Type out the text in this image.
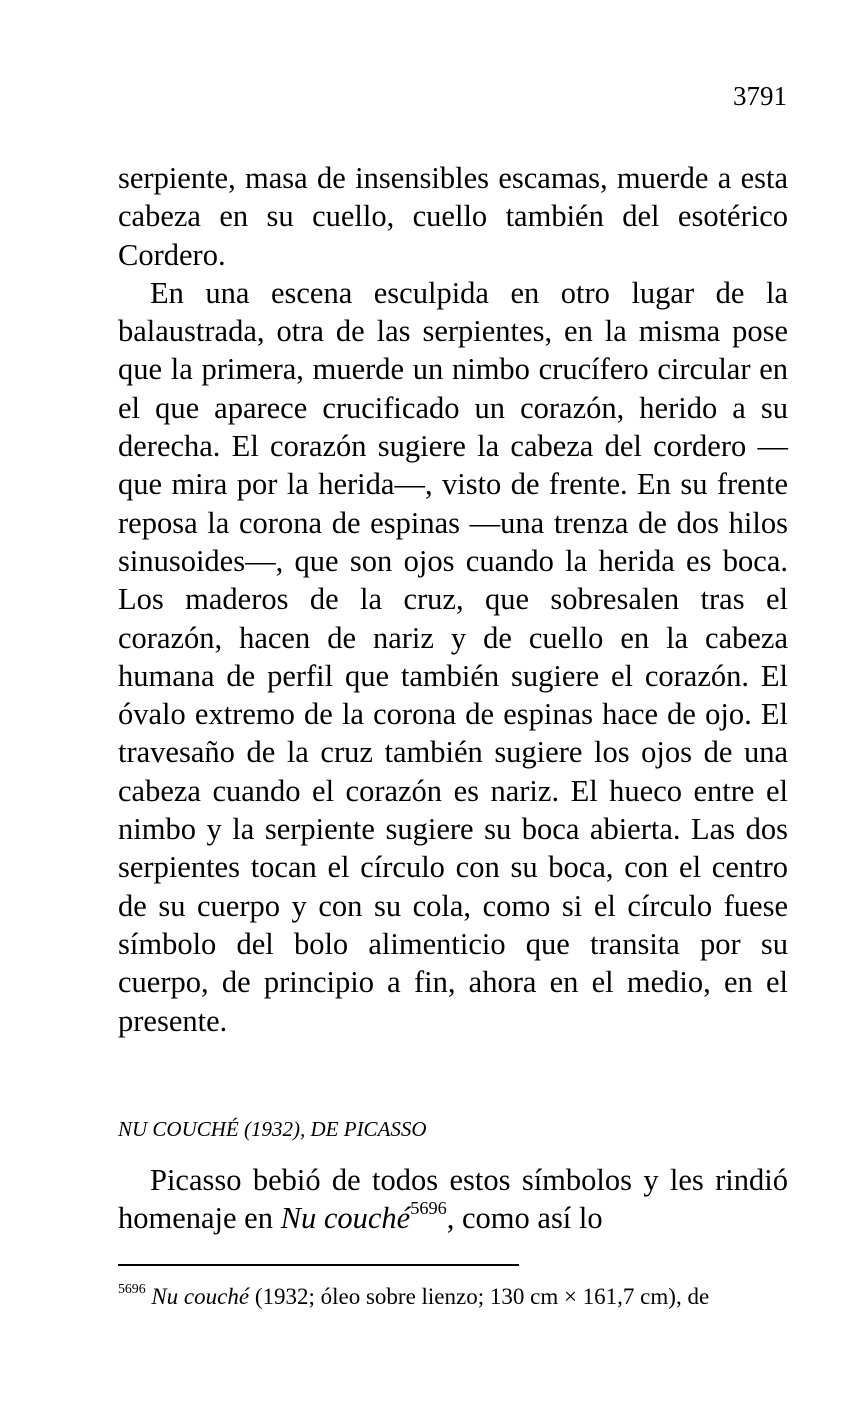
3791

serpiente, masa de insensibles escamas, muerde a esta cabeza en su cuello, cuello también del esotérico Cordero.

En una escena esculpida en otro lugar de la balaustrada, otra de las serpientes, en la misma pose que la primera, muerde un nimbo crucífero circular en el que aparece crucificado un corazón, herido a su derecha. El corazón sugiere la cabeza del cordero —que mira por la herida—, visto de frente. En su frente reposa la corona de espinas —una trenza de dos hilos sinusoides—, que son ojos cuando la herida es boca. Los maderos de la cruz, que sobresalen tras el corazón, hacen de nariz y de cuello en la cabeza humana de perfil que también sugiere el corazón. El óvalo extremo de la corona de espinas hace de ojo. El travesaño de la cruz también sugiere los ojos de una cabeza cuando el corazón es nariz. El hueco entre el nimbo y la serpiente sugiere su boca abierta. Las dos serpientes tocan el círculo con su boca, con el centro de su cuerpo y con su cola, como si el círculo fuese símbolo del bolo alimenticio que transita por su cuerpo, de principio a fin, ahora en el medio, en el presente.

NU COUCHÉ (1932), DE PICASSO

Picasso bebió de todos estos símbolos y les rindió homenaje en Nu couché$^{5696}$, como así lo

$^{5696}$ Nu couché (1932; óleo sobre lienzo; 130 cm × 161,7 cm), de
